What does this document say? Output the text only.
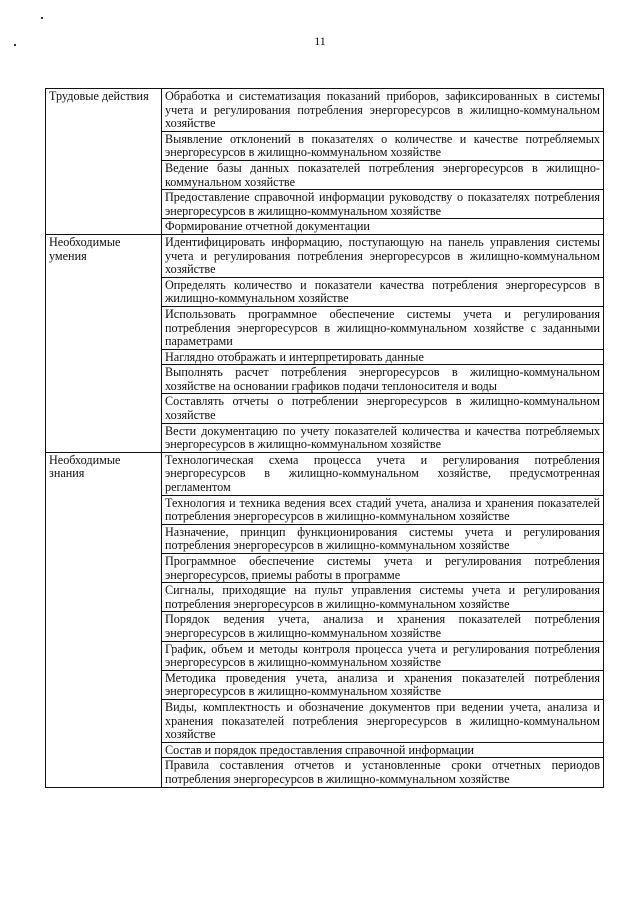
11
Трудовые действия	Обработка и систематизация показаний приборов, зафиксированных в системы учета и регулирования потребления энергоресурсов в жилищно-коммунальном хозяйстве
	Выявление отклонений в показателях о количестве и качестве потребляемых энергоресурсов в жилищно-коммунальном хозяйстве
	Ведение базы данных показателей потребления энергоресурсов в жилищно-коммунальном хозяйстве
	Предоставление справочной информации руководству о показателях потребления энергоресурсов в жилищно-коммунальном хозяйстве
	Формирование отчетной документации
Необходимые умения	Идентифицировать информацию, поступающую на панель управления системы учета и регулирования потребления энергоресурсов в жилищно-коммунальном хозяйстве
	Определять количество и показатели качества потребления энергоресурсов в жилищно-коммунальном хозяйстве
	Использовать программное обеспечение системы учета и регулирования потребления энергоресурсов в жилищно-коммунальном хозяйстве с заданными параметрами
	Наглядно отображать и интерпретировать данные
	Выполнять расчет потребления энергоресурсов в жилищно-коммунальном хозяйстве на основании графиков подачи теплоносителя и воды
	Составлять отчеты о потреблении энергоресурсов в жилищно-коммунальном хозяйстве
	Вести документацию по учету показателей количества и качества потребляемых энергоресурсов в жилищно-коммунальном хозяйстве
Необходимые знания	Технологическая схема процесса учета и регулирования потребления энергоресурсов в жилищно-коммунальном хозяйстве, предусмотренная регламентом
	Технология и техника ведения всех стадий учета, анализа и хранения показателей потребления энергоресурсов в жилищно-коммунальном хозяйстве
	Назначение, принцип функционирования системы учета и регулирования потребления энергоресурсов в жилищно-коммунальном хозяйстве
	Программное обеспечение системы учета и регулирования потребления энергоресурсов, приемы работы в программе
	Сигналы, приходящие на пульт управления системы учета и регулирования потребления энергоресурсов в жилищно-коммунальном хозяйстве
	Порядок ведения учета, анализа и хранения показателей потребления энергоресурсов в жилищно-коммунальном хозяйстве
	График, объем и методы контроля процесса учета и регулирования потребления энергоресурсов в жилищно-коммунальном хозяйстве
	Методика проведения учета, анализа и хранения показателей потребления энергоресурсов в жилищно-коммунальном хозяйстве
	Виды, комплектность и обозначение документов при ведении учета, анализа и хранения показателей потребления энергоресурсов в жилищно-коммунальном хозяйстве
	Состав и порядок предоставления справочной информации
	Правила составления отчетов и установленные сроки отчетных периодов потребления энергоресурсов в жилищно-коммунальном хозяйстве
